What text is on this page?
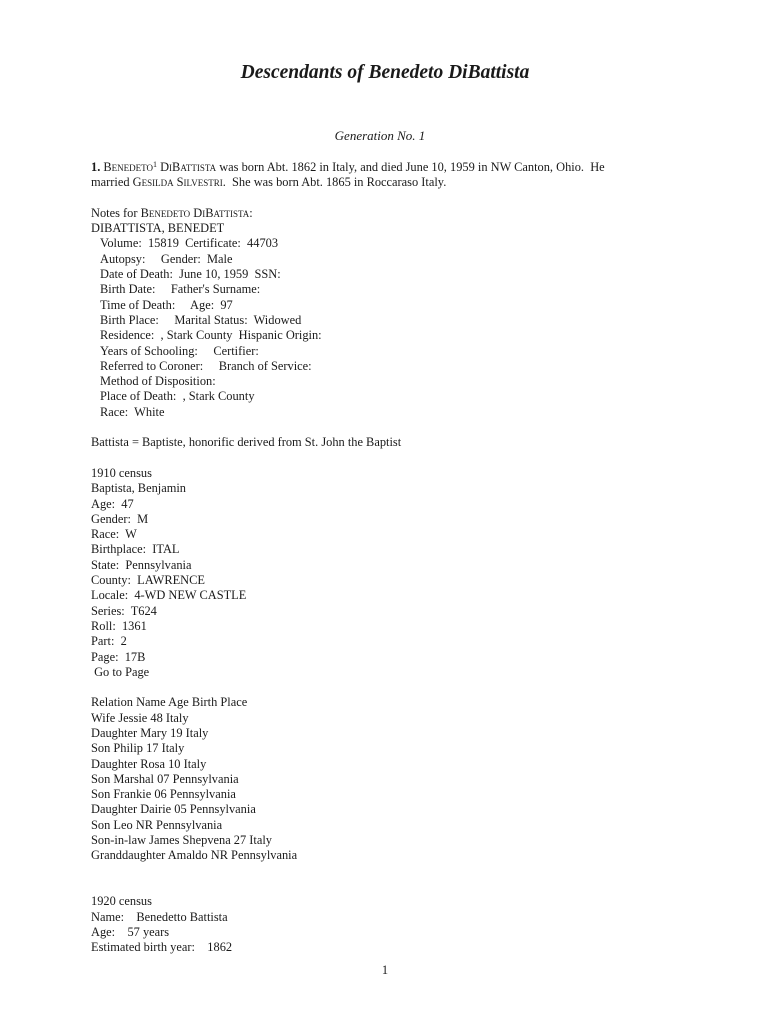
Descendants of Benedeto DiBattista
Generation No. 1
1. Benedeto$^1$ DiBattista was born Abt. 1862 in Italy, and died June 10, 1959 in NW Canton, Ohio.  He
married Gesilda Silvestri.  She was born Abt. 1865 in Roccaraso Italy.
Notes for Benedeto DiBattista:
DIBATTISTA, BENEDET
Volume:  15819  Certificate:  44703
Autopsy:     Gender:  Male
Date of Death:  June 10, 1959  SSN:
Birth Date:     Father's Surname:
Time of Death:     Age:  97
Birth Place:     Marital Status:  Widowed
Residence:  , Stark County  Hispanic Origin:
Years of Schooling:     Certifier:
Referred to Coroner:     Branch of Service:
Method of Disposition:
Place of Death:  , Stark County
Race:  White
Battista = Baptiste, honorific derived from St. John the Baptist
1910 census
Baptista, Benjamin
Age:  47
Gender:  M
Race:  W
Birthplace:  ITAL
State:  Pennsylvania
County:  LAWRENCE
Locale:  4-WD NEW CASTLE
Series:  T624
Roll:  1361
Part:  2
Page:  17B
Go to Page
Relation Name Age Birth Place
Wife Jessie 48 Italy
Daughter Mary 19 Italy
Son Philip 17 Italy
Daughter Rosa 10 Italy
Son Marshal 07 Pennsylvania
Son Frankie 06 Pennsylvania
Daughter Dairie 05 Pennsylvania
Son Leo NR Pennsylvania
Son-in-law James Shepvena 27 Italy
Granddaughter Amaldo NR Pennsylvania
1920 census
Name:    Benedetto Battista
Age:    57 years
Estimated birth year:    1862
1
